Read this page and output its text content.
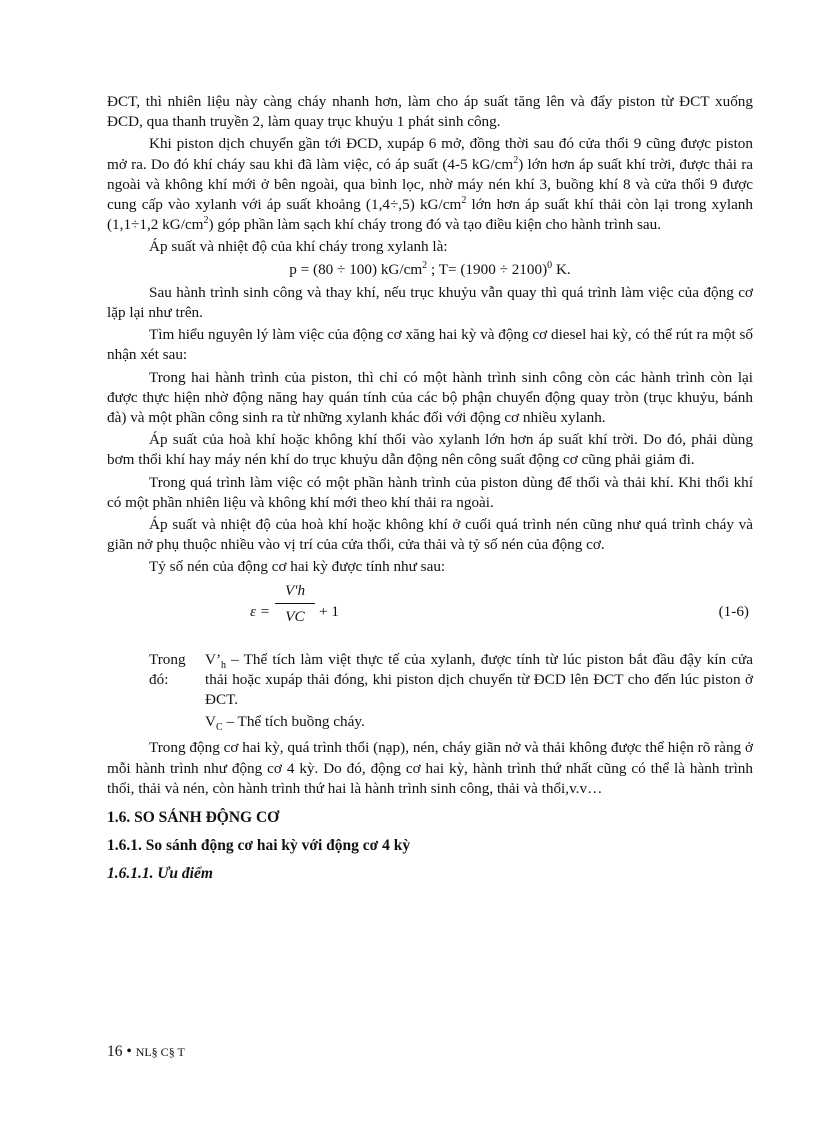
ĐCT, thì nhiên liệu này càng cháy nhanh hơn, làm cho áp suất tăng lên và đẩy piston từ ĐCT xuống ĐCD, qua thanh truyền 2, làm quay trục khuỷu 1 phát sinh công.

Khi piston dịch chuyển gần tới ĐCD, xupáp 6 mở, đồng thời sau đó cửa thổi 9 cũng được piston mở ra. Do đó khí cháy sau khi đã làm việc, có áp suất (4-5 $kG/cm^2$) lớn hơn áp suất khí trời, được thải ra ngoài và không khí mới ở bên ngoài, qua bình lọc, nhờ máy nén khí 3, buồng khí 8 và cửa thổi 9 được cung cấp vào xylanh với áp suất khoảng (1,4÷,5) $kG/cm^2$ lớn hơn áp suất khí thải còn lại trong xylanh (1,1÷1,2 $kG/cm^2$) góp phần làm sạch khí cháy trong đó và tạo điều kiện cho hành trình sau.

Áp suất và nhiệt độ của khí cháy trong xylanh là:

p = (80 ÷ 100) $kG/cm^2$ ; $T= (1900 \div 2100)^0$ K.

Sau hành trình sinh công và thay khí, nếu trục khuỷu vẫn quay thì quá trình làm việc của động cơ lặp lại như trên.

Tìm hiểu nguyên lý làm việc của động cơ xăng hai kỳ và động cơ diesel hai kỳ, có thể rút ra một số nhận xét sau:

Trong hai hành trình của piston, thì chỉ có một hành trình sinh công còn các hành trình còn lại được thực hiện nhờ động năng hay quán tính của các bộ phận chuyển động quay tròn (trục khuỷu, bánh đà) và một phần công sinh ra từ những xylanh khác đối với động cơ nhiều xylanh.

Áp suất của hoà khí hoặc không khí thổi vào xylanh lớn hơn áp suất khí trời. Do đó, phải dùng bơm thổi khí hay máy nén khí do trục khuỷu dẫn động nên công suất động cơ cũng phải giảm đi.

Trong quá trình làm việc có một phần hành trình của piston dùng để thổi và thải khí. Khi thổi khí có một phần nhiên liệu và không khí mới theo khí thải ra ngoài.

Áp suất và nhiệt độ của hoà khí hoặc không khí ở cuối quá trình nén cũng như quá trình cháy và giãn nở phụ thuộc nhiều vào vị trí của cửa thổi, cửa thải và tỷ số nén của động cơ.

Tỷ số nén của động cơ hai kỳ được tính như sau:

ε =
V'h
VC + 1	(1-6)
Trong đó:

$V’_h$ – Thể tích làm việt thực tế của xylanh, được tính từ lúc piston bắt đầu đậy kín cửa thải hoặc xupáp thải đóng, khi piston dịch chuyển từ ĐCD lên ĐCT cho đến lúc piston ở ĐCT.

$V_C$ – Thể tích buồng cháy.

Trong động cơ hai kỳ, quá trình thổi (nạp), nén, cháy giãn nở và thải không được thể hiện rõ ràng ở mỗi hành trình như động cơ 4 kỳ. Do đó, động cơ hai kỳ, hành trình thứ nhất cũng có thể là hành trình thổi, thải và nén, còn hành trình thứ hai là hành trình sinh công, thải và thổi,v.v…

1.6. SO SÁNH ĐỘNG CƠ
1.6.1. So sánh động cơ hai kỳ với động cơ 4 kỳ
1.6.1.1. Ưu điểm
16 • NL§ C§ T
